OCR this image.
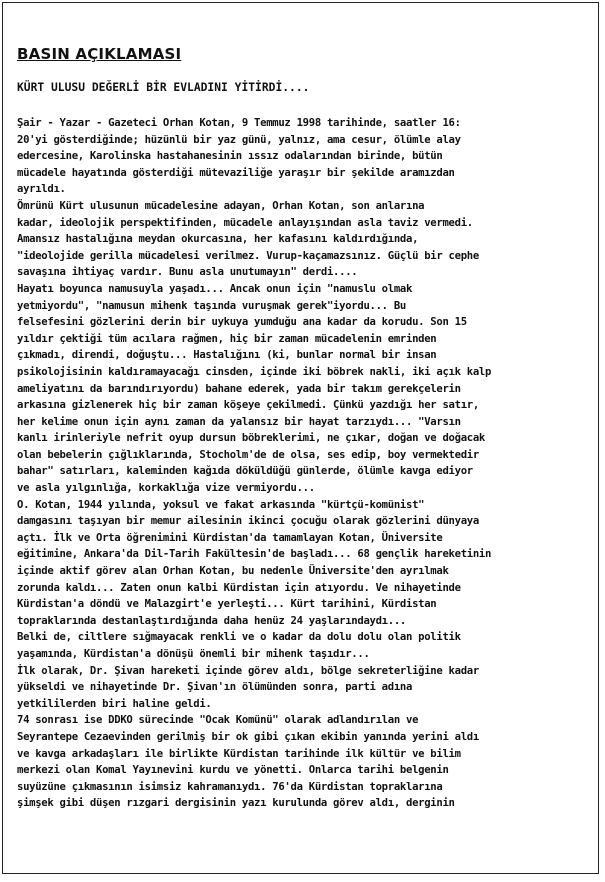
BASIN AÇIKLAMASI
KÜRT ULUSU DEĞERLİ BİR EVLADINI YİTİRDİ....
Şair - Yazar - Gazeteci Orhan Kotan, 9 Temmuz 1998 tarihinde, saatler 16:
20'yi gösterdiğinde; hüzünlü bir yaz günü, yalnız, ama cesur, ölümle alay
edercesine, Karolinska hastahanesinin ıssız odalarından birinde, bütün
mücadele hayatında gösterdiği mütevaziliğe yaraşır bir şekilde aramızdan
ayrıldı.
Ömrünü Kürt ulusunun mücadelesine adayan, Orhan Kotan, son anlarına
kadar, ideolojik perspektifinden, mücadele anlayışından asla taviz vermedi.
Amansız hastalığına meydan okurcasına, her kafasını kaldırdığında,
"ideolojide gerilla mücadelesi verilmez. Vurup-kaçamazsınız. Güçlü bir cephe
savaşına ihtiyaç vardır. Bunu asla unutumayın" derdi....
Hayatı boyunca namusuyla yaşadı... Ancak onun için "namuslu olmak
yetmiyordu", "namusun mihenk taşında vuruşmak gerek"iyordu... Bu
felsefesini gözlerini derin bir uykuya yumduğu ana kadar da korudu. Son 15
yıldır çektiği tüm acılara rağmen, hiç bir zaman mücadelenin emrinden
çıkmadı, direndi, doğuştu... Hastalığını (ki, bunlar normal bir insan
psikolojisinin kaldıramayacağı cinsden, içinde iki böbrek nakli, iki açık kalp
ameliyatını da barındırıyordu) bahane ederek, yada bir takım gerekçelerin
arkasına gizlenerek hiç bir zaman köşeye çekilmedi. Çünkü yazdığı her satır,
her kelime onun için aynı zaman da yalansız bir hayat tarzıydı... "Varsın
kanlı irinleriyle nefrit oyup dursun böbreklerimi, ne çıkar, doğan ve doğacak
olan bebelerin çığlıklarında, Stocholm'de de olsa, ses edip, boy vermektedir
bahar" satırları, kaleminden kağıda döküldüğü günlerde, ölümle kavga ediyor
ve asla yılgınlığa, korkaklığa vize vermiyordu...
O. Kotan, 1944 yılında, yoksul ve fakat arkasında "kürtçü-komünist"
damgasını taşıyan bir memur ailesinin ikinci çocuğu olarak gözlerini dünyaya
açtı. İlk ve Orta öğrenimini Kürdistan'da tamamlayan Kotan, Üniversite
eğitimine, Ankara'da Dil-Tarih Fakültesin'de başladı... 68 gençlik hareketinin
içinde aktif görev alan Orhan Kotan, bu nedenle Üniversite'den ayrılmak
zorunda kaldı... Zaten onun kalbi Kürdistan için atıyordu. Ve nihayetinde
Kürdistan'a döndü ve Malazgirt'e yerleşti... Kürt tarihini, Kürdistan
topraklarında destanlaştırdığında daha henüz 24 yaşlarındaydı...
Belki de, ciltlere sığmayacak renkli ve o kadar da dolu dolu olan politik
yaşamında, Kürdistan'a dönüşü önemli bir mihenk taşıdır...
İlk olarak, Dr. Şivan hareketi içinde görev aldı, bölge sekreterliğine kadar
yükseldi ve nihayetinde Dr. Şivan'ın ölümünden sonra, parti adına
yetkililerden biri haline geldi.
74 sonrası ise DDKO sürecinde "Ocak Komünü" olarak adlandırılan ve
Seyrantepe Cezaevinden gerilmiş bir ok gibi çıkan ekibin yanında yerini aldı
ve kavga arkadaşları ile birlikte Kürdistan tarihinde ilk kültür ve bilim
merkezi olan Komal Yayınevini kurdu ve yönetti. Onlarca tarihi belgenin
suyüzüne çıkmasının isimsiz kahramanıydı. 76'da Kürdistan topraklarına
şimşek gibi düşen rızgari dergisinin yazı kurulunda görev aldı, derginin
